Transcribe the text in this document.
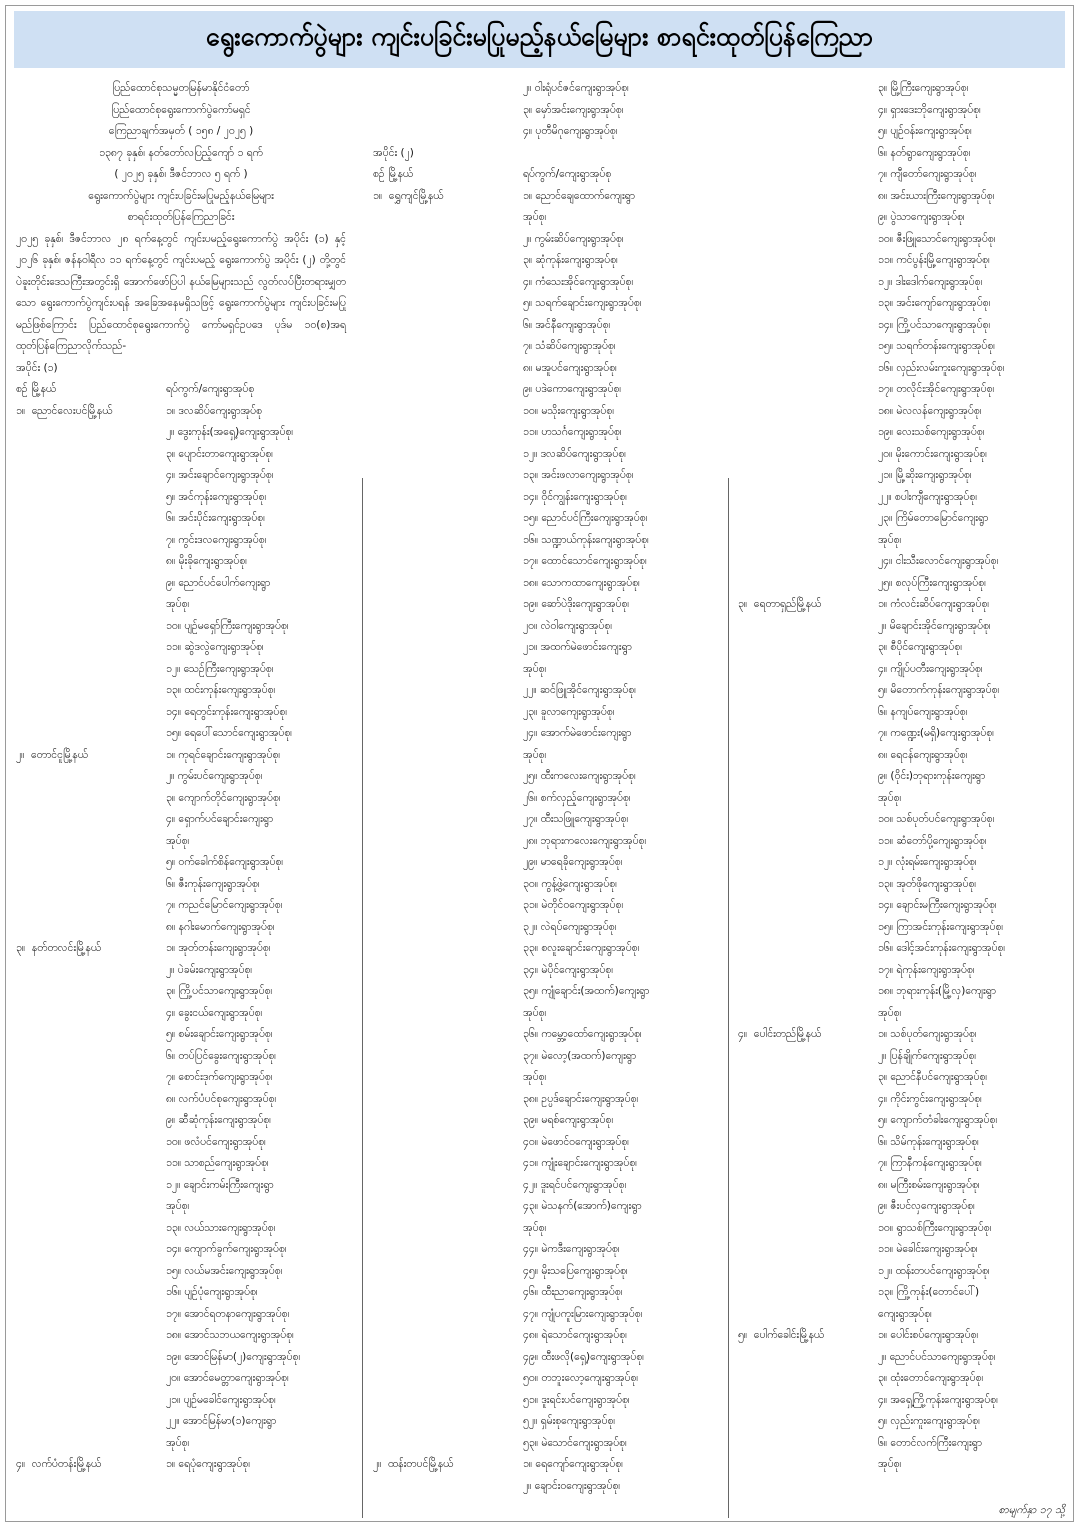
ရွေးကောက်ပွဲများ ကျင်းပခြင်းမပြုမည့်နယ်မြေများ စာရင်းထုတ်ပြန်ကြေညာ
ပြည်ထောင်စုသမ္မတမြန်မာနိုင်ငံတော်
ပြည်ထောင်စုရွေးကောက်ပွဲကော်မရှင်
ကြေညာချက်အမှတ် ( ၁၅၈ / ၂၀၂၅ )
၁၃၈၇ ခုနှစ်၊ နတ်တော်လပြည့်ကျော် ၁ ရက်
( ၂၀၂၅ ခုနှစ်၊ ဒီဇင်ဘာလ ၅ ရက် )
ရွေးကောက်ပွဲများ ကျင်းပခြင်းမပြုမည့်နယ်မြေများ
စာရင်းထုတ်ပြန်ကြေညာခြင်း
၂၀၂၅ ခုနှစ်၊ ဒီဇင်ဘာလ ၂၈ ရက်နေ့တွင် ကျင်းပမည့်ရွေးကောက်ပွဲ အပိုင်း (၁) နှင့် ၂၀၂၆ ခုနှစ်၊ ဇန်နဝါရီလ ၁၁ ရက်နေ့တွင် ကျင်းပမည့် ရွေးကောက်ပွဲ အပိုင်း (၂) တို့တွင် ပဲခူးတိုင်းဒေသကြီးအတွင်းရှိ အောက်ဖော်ပြပါ နယ်မြေများသည် လွတ်လပ်ပြီးတရားမျှတသော ရွေးကောက်ပွဲကျင်းပရန် အခြေအနေမရှိသဖြင့် ရွေးကောက်ပွဲများ ကျင်းပခြင်းမပြုမည်ဖြစ်ကြောင်း ပြည်ထောင်စုရွေးကောက်ပွဲ ကော်မရှင်ဥပဒေ ပုဒ်မ ၁၀(စ)အရ ထုတ်ပြန်ကြေညာလိုက်သည်-
အပိုင်း (၁)
စဉ် မြို့နယ်	ရပ်ကွက်/ကျေးရွာအုပ်စု
၁။ ညောင်လေးပင်မြို့နယ်	၁။ ဒလဆိပ်ကျေးရွာအုပ်စု
၂။ ဒွေးကုန်း(အရှေ့)ကျေးရွာအုပ်စု၊
၃။ ပျောင်းတာကျေးရွာအုပ်စု၊
၄။ အင်းချောင်ကျေးရွာအုပ်စု၊
၅။ အင်ကုန်းကျေးရွာအုပ်စု၊
၆။ အင်းပိုင်းကျေးရွာအုပ်စု၊
၇။ ကွင်းဒလကျေးရွာအုပ်စု၊
၈။ မိုးခိုကျေးရွာအုပ်စု၊
၉။ ညောင်ပင်ပေါက်ကျေးရွာ
အုပ်စု၊
၁၀။ ပျဉ်မရှော်ကြီးကျေးရွာအုပ်စု၊
၁၁။ ဆွဲဒလွဲကျေးရွာအုပ်စု၊
၁၂။ သေဉ်ကြီးကျေးရွာအုပ်စု၊
၁၃။ ထင်းကုန်းကျေးရွာအုပ်စု၊
၁၄။ ရေတွင်းကုန်းကျေးရွာအုပ်စု၊
၁၅။ ရေပေါ်သောင်ကျေးရွာအုပ်စု၊
၂။ တောင်ငူမြို့နယ်	၁။ ကုရင်ချောင်းကျေးရွာအုပ်စု၊
၂။ ကွမ်းပင်ကျေးရွာအုပ်စု၊
၃။ ကျောက်တိုင်ကျေးရွာအုပ်စု၊
၄။ ရှောက်ပင်ချောင်းကျေးရွာ
အုပ်စု၊
၅။ ဝက်ခေါက်စိန်ကျေးရွာအုပ်စု၊
၆။ ဇီးကုန်းကျေးရွာအုပ်စု၊
၇။ ကညင်မြောင်ကျေးရွာအုပ်စု၊
၈။ နဂါးမောက်ကျေးရွာအုပ်စု၊
၃။ နတ်တလင်းမြို့နယ်	၁။ အုတ်တန်းကျေးရွာအုပ်စု၊
၂။ ပဲခမ်းကျေးရွာအုပ်စု၊
၃။ ကြို့ပင်သာကျေးရွာအုပ်စု၊
၄။ ခွေးငယ်ကျေးရွာအုပ်စု၊
၅။ စမ်းချောင်းကျေးရွာအုပ်စု၊
၆။ တပ်ပြင်ခွေးကျေးရွာအုပ်စု၊
၇။ စောင်းဒုက်ကျေးရွာအုပ်စု၊
၈။ လက်ပံပင်စုကျေးရွာအုပ်စု၊
၉။ ဆီဆုံကုန်းကျေးရွာအုပ်စု၊
၁၀။ ဖလံပင်ကျေးရွာအုပ်စု၊
၁၁။ သာစည်ကျေးရွာအုပ်စု၊
၁၂။ ချောင်းကမ်းကြီးကျေးရွာ
အုပ်စု၊
၁၃။ လယ်သားကျေးရွာအုပ်စု၊
၁၄။ ကျောက်ခွက်ကျေးရွာအုပ်စု၊
၁၅။ လယ်မအင်းကျေးရွာအုပ်စု၊
၁၆။ ပျဉ်ပုံကျေးရွာအုပ်စု၊
၁၇။ အောင်ရတနာကျေးရွာအုပ်စု၊
၁၈။ အောင်သဘယကျေးရွာအုပ်စု၊
၁၉။ အောင်မြန်မာ(၂)ကျေးရွာအုပ်စု၊
၂၀။ အောင်မေတ္တာကျေးရွာအုပ်စု၊
၂၁။ ပျဉ်မခေါင်ကျေးရွာအုပ်စု၊
၂၂။ အောင်မြန်မာ(၁)ကျေးရွာ
အုပ်စု၊
၄။ လက်ပံတန်းမြို့နယ်	၁။ ရေပုံကျေးရွာအုပ်စု၊
၂။ ဝါးရုံပင်ဇင်ကျေးရွာအုပ်စု၊
၃။ မှော်အင်းကျေးရွာအုပ်စု၊
၄။ ပုတီမိဂုကျေးရွာအုပ်စု၊
အပိုင်း (၂)
စဉ် မြို့နယ်	ရပ်ကွက်/ကျေးရွာအုပ်စု
၁။ ရွှေကျင်မြို့နယ်	၁။ ညောင်ချေထောက်ကျေးရွာ
အုပ်စု၊
၂။ ကွမ်းဆိပ်ကျေးရွာအုပ်စု၊
၃။ ဆုံကုန်းကျေးရွာအုပ်စု၊
၄။ ကံသေးအိုင်ကျေးရွာအုပ်စု၊
၅။ သရက်ချောင်းကျေးရွာအုပ်စု၊
၆။ အင်နီကျေးရွာအုပ်စု၊
၇။ သံဆိပ်ကျေးရွာအုပ်စု၊
၈။ မအူပင်ကျေးရွာအုပ်စု၊
၉။ ပဒဲကောကျေးရွာအုပ်စု၊
၁၀။ မသိုးကျေးရွာအုပ်စု၊
၁၁။ ဟသင်္ဂကျေးရွာအုပ်စု၊
၁၂။ ဒလဆိပ်ကျေးရွာအုပ်စု၊
၁၃။ အင်းဖလာကျေးရွာအုပ်စု၊
၁၄။ ဝိုင်ကျွန်းကျေးရွာအုပ်စု၊
၁၅။ ညောင်ပင်ကြီးကျေးရွာအုပ်စု၊
၁၆။ သဏ္ဍာယ်ကုန်းကျေးရွာအုပ်စု၊
၁၇။ ထောင်သောင်ကျေးရွာအုပ်စု၊
၁၈။ သောကထာကျေးရွာအုပ်စု၊
၁၉။ ဆော်ပဲဒိုးကျေးရွာအုပ်စု၊
၂၀။ လဲဝါကျေးရွာအုပ်စု၊
၂၁။ အထက်မဲဖောင်းကျေးရွာ
အုပ်စု၊
၂၂။ ဆင်ဖြူအိုင်ကျေးရွာအုပ်စု၊
၂၃။ ခူလာကျေးရွာအုပ်စု၊
၂၄။ အောက်မဲဖောင်းကျေးရွာ
အုပ်စု၊
၂၅။ ထီးကလေးကျေးရွာအုပ်စု၊
၂၆။ စက်လှည့်ကျေးရွာအုပ်စု၊
၂၇။ ထီးသဖြူကျေးရွာအုပ်စု၊
၂၈။ ဘုရားကလေးကျေးရွာအုပ်စု၊
၂၉။ မာရေခိုကျေးရွာအုပ်စု၊
၃၀။ ကွန့်ဖွဲ့ကျေးရွာအုပ်စု၊
၃၁။ မဲတိုင်ဝကျေးရွာအုပ်စု၊
၃၂။ လဲရပ်ကျေးရွာအုပ်စု၊
၃၃။ စလူးချောင်းကျေးရွာအုပ်စု၊
၃၄။ မဲပိုင်ကျေးရွာအုပ်စု၊
၃၅။ ကျုံချောင်း(အထက်)ကျေးရွာ
အုပ်စု၊
၃၆။ ကမ္ဘော့ထော်ကျေးရွာအုပ်စု၊
၃၇။ မဲလော့(အထက်)ကျေးရွာ
အုပ်စု၊
၃၈။ ဥပ္ပဒ်ချောင်းကျေးရွာအုပ်စု၊
၃၉။ မရစ်ကျေးရွာအုပ်စု၊
၄၀။ မဲဖောင်ဝကျေးရွာအုပ်စု၊
၄၁။ ကျုံးချောင်းကျေးရွာအုပ်စု၊
၄၂။ ဒူးရင်ပင်ကျေးရွာအုပ်စု၊
၄၃။ မဲသနက်(အောက်)ကျေးရွာ
အုပ်စု၊
၄၄။ မဲကဒီးကျေးရွာအုပ်စု၊
၄၅။ မိုးသပြေကျေးရွာအုပ်စု၊
၄၆။ ထီးညာကျေးရွာအုပ်စု၊
၄၇။ ကျုံပကူးမြားကျေးရွာအုပ်စု၊
၄၈။ ရဲသောင်ကျေးရွာအုပ်စု၊
၄၉။ ထီးဖလို(ရှေ့)ကျေးရွာအုပ်စု၊
၅၀။ တဘူးလော့ကျေးရွာအုပ်စု၊
၅၁။ ဒူးရင်းပင်ကျေးရွာအုပ်စု၊
၅၂။ ရှမ်းစုကျေးရွာအုပ်စု၊
၅၃။ မဲသောင်ကျေးရွာအုပ်စု၊
၂။ ထန်းတပင်မြို့နယ်	၁။ ရေကျော်ကျေးရွာအုပ်စု၊
၂။ ချောင်းဝကျေးရွာအုပ်စု၊
၃။ မြို့ကြီးကျေးရွာအုပ်စု၊
၄။ ရှားဒေးဘိုကျေးရွာအုပ်စု၊
၅။ ပျဉ်ဝန်းကျေးရွာအုပ်စု၊
၆။ နတ်ရွာကျေးရွာအုပ်စု၊
၇။ ကျီတော်ကျေးရွာအုပ်စု၊
၈။ အင်းယားကြီးကျေးရွာအုပ်စု၊
၉။ ပွဲသာကျေးရွာအုပ်စု၊
၁၀။ ဇီးဖြူသောင်ကျေးရွာအုပ်စု၊
၁၁။ ကင်ပွန်းမြို့ကျေးရွာအုပ်စု၊
၁၂။ ဒါးဒေါက်ကျေးရွာအုပ်စု၊
၁၃။ အင်းကျော်ကျေးရွာအုပ်စု၊
၁၄။ ကြို့ပင်သာကျေးရွာအုပ်စု၊
၁၅။ သရက်တန်းကျေးရွာအုပ်စု၊
၁၆။ လှည်းလမ်းကူးကျေးရွာအုပ်စု၊
၁၇။ တလိုင်းအိုင်ကျေးရွာအုပ်စု၊
၁၈။ မဲလလန်ကျေးရွာအုပ်စု၊
၁၉။ လေးသစ်ကျေးရွာအုပ်စု၊
၂၀။ မိုးကောင်းကျေးရွာအုပ်စု၊
၂၁။ မြို့ဆိုးကျေးရွာအုပ်စု၊
၂၂။ စပါးကျီကျေးရွာအုပ်စု၊
၂၃။ ကြိမ်တောမြောင်ကျေးရွာ
အုပ်စု၊
၂၄။ ငါးသီးလောင်ကျေးရွာအုပ်စု၊
၂၅။ စလုပ်ကြီးကျေးရွာအုပ်စု၊
၃။ ရေတာရှည်မြို့နယ်	၁။ ကံလင်းဆိပ်ကျေးရွာအုပ်စု၊
၂။ မိချောင်းအိုင်ကျေးရွာအုပ်စု၊
၃။ စီပိုင်ကျေးရွာအုပ်စု၊
၄။ ကျိုပ်ပတီးကျေးရွာအုပ်စု၊
၅။ မိတောက်ကုန်းကျေးရွာအုပ်စု၊
၆။ နကျပ်ကျေးရွာအုပ်စု၊
၇။ ကဏ္ဍေး(မရှိ)ကျေးရွာအုပ်စု၊
၈။ ရေငန်ကျေးရွာအုပ်စု၊
၉။ (ဝိုင်း)ဘုရားကုန်းကျေးရွာ
အုပ်စု၊
၁၀။ သစ်ပုတ်ပင်ကျေးရွာအုပ်စု၊
၁၁။ ဆံတော်ပို့ကျေးရွာအုပ်စု၊
၁၂။ လုံးရမ်းကျေးရွာအုပ်စု၊
၁၃။ အုတ်ဖိုကျေးရွာအုပ်စု၊
၁၄။ ချောင်းမကြီးကျေးရွာအုပ်စု၊
၁၅။ ကြာအင်းကုန်းကျေးရွာအုပ်စု၊
၁၆။ ဒေါင့်အင်းကုန်းကျေးရွာအုပ်စု၊
၁၇။ ရဲကုန်းကျေးရွာအုပ်စု၊
၁၈။ ဘုရားကုန်း(မြို့လှ)ကျေးရွာ
အုပ်စု၊
၄။ ပေါင်းတည်မြို့နယ်	၁။ သစ်ပုတ်ကျေးရွာအုပ်စု၊
၂။ ပြန်ချိုက်ကျေးရွာအုပ်စု၊
၃။ ညောင်နီပင်ကျေးရွာအုပ်စု၊
၄။ ကိုင်းကွင်းကျေးရွာအုပ်စု၊
၅။ ကျောက်တံခါးကျေးရွာအုပ်စု၊
၆။ သိမ်ကုန်းကျေးရွာအုပ်စု၊
၇။ ကြာနီကန်ကျေးရွာအုပ်စု၊
၈။ မကြီးစမ်းကျေးရွာအုပ်စု၊
၉။ ဇီးပင်လှကျေးရွာအုပ်စု၊
၁၀။ ရွာသစ်ကြီးကျေးရွာအုပ်စု၊
၁၁။ မဲခေါင်းကျေးရွာအုပ်စု၊
၁၂။ ထန်းတပင်ကျေးရွာအုပ်စု၊
၁၃။ ကြို့ကုန်း(တောင်ပေါ်)
ကျေးရွာအုပ်စု၊
၅။ ပေါက်ခေါင်းမြို့နယ်	၁။ ပေါင်းစပ်ကျေးရွာအုပ်စု၊
၂။ ညောင်ပင်သာကျေးရွာအုပ်စု၊
၃။ ထုံးတောင်ကျေးရွာအုပ်စု၊
၄။ အရှေ့ကြို့ကုန်းကျေးရွာအုပ်စု၊
၅။ လှည်းကူးကျေးရွာအုပ်စု၊
၆။ တောင်လက်ကြီးကျေးရွာ
အုပ်စု၊
စာမျက်နှာ ၁၇ သို့
